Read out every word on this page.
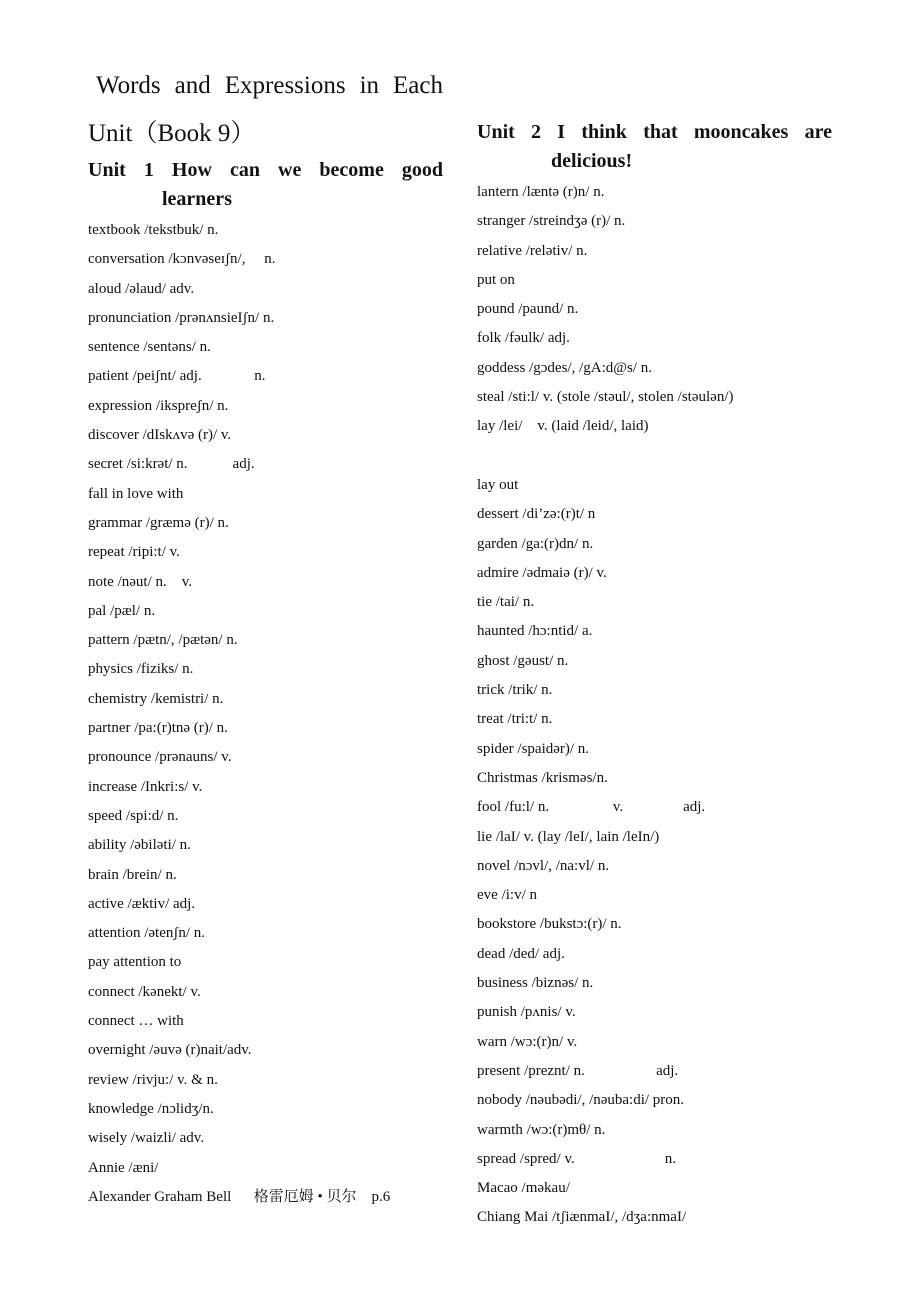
Words and Expressions in Each
Unit（Book 9）
Unit 1 How can we become good
learners
textbook /tekstbuk/ n.
conversation /kɔnvəseɪʃn/,     n.
aloud /əlaud/ adv.
pronunciation /prənʌnsieIʃn/ n.
sentence /sentəns/ n.
patient /peiʃnt/ adj.              n.
expression /ikspreʃn/ n.
discover /dIskʌvə (r)/ v.
secret /si:krət/ n.            adj.
fall in love with
grammar /græmə (r)/ n.
repeat /ripi:t/ v.
note /nəut/ n.    v.
pal /pæl/ n.
pattern /pætn/, /pætən/ n.
physics /fiziks/ n.
chemistry /kemistri/ n.
partner /pa:(r)tnə (r)/ n.
pronounce /prənauns/ v.
increase /Inkri:s/ v.
speed /spi:d/ n.
ability /əbiləti/ n.
brain /brein/ n.
active /æktiv/ adj.
attention /ətenʃn/ n.
pay attention to
connect /kənekt/ v.
connect … with
overnight /əuvə (r)nait/adv.
review /rivju:/ v. & n.
knowledge /nɔlidʒ/n.
wisely /waizli/ adv.
Annie /æni/
Alexander Graham Bell      格雷厄姆 • 贝尔    p.6
Unit 2 I think that mooncakes are
delicious!
lantern /læntə (r)n/ n.
stranger /streindʒə (r)/ n.
relative /relətiv/ n.
put on
pound /paund/ n.
folk /fəulk/ adj.
goddess /gɔdes/, /gA:d@s/ n.
steal /sti:l/ v. (stole /stəul/, stolen /stəulən/)
lay /lei/    v. (laid /leid/, laid)
lay out
dessert /di’zə:(r)t/ n
garden /ga:(r)dn/ n.
admire /ədmaiə (r)/ v.
tie /tai/ n.
haunted /hɔ:ntid/ a.
ghost /gəust/ n.
trick /trik/ n.
treat /tri:t/ n.
spider /spaidər)/ n.
Christmas /krisməs/n.
fool /fu:l/ n.                 v.                adj.
lie /laI/ v. (lay /leI/, lain /leIn/)
novel /nɔvl/, /na:vl/ n.
eve /i:v/ n
bookstore /bukstɔ:(r)/ n.
dead /ded/ adj.
business /biznəs/ n.
punish /pʌnis/ v.
warn /wɔ:(r)n/ v.
present /preznt/ n.                   adj.
nobody /nəubədi/, /nəuba:di/ pron.
warmth /wɔ:(r)mθ/ n.
spread /spred/ v.                        n.
Macao /məkau/
Chiang Mai /tʃiænmaI/, /dʒa:nmaI/
